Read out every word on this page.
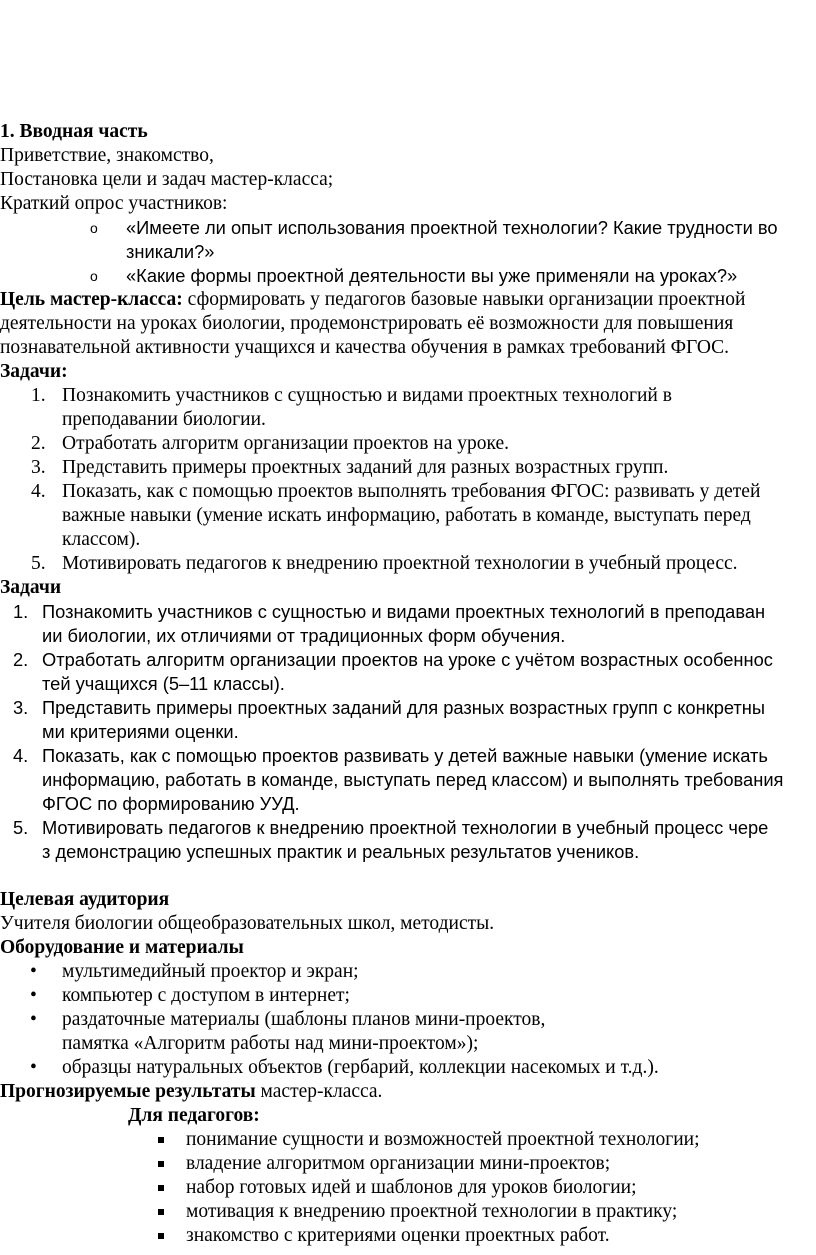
1. Вводная часть
Приветствие, знакомство,
Постановка цели и задач мастер-класса;
Краткий опрос участников:
o «Имеете ли опыт использования проектной технологии? Какие трудности во
зникали?»
o «Какие формы проектной деятельности вы уже применяли на уроках?»
Цель мастер-класса: сформировать у педагогов базовые навыки организации проектной
деятельности на уроках биологии, продемонстрировать её возможности для повышения
познавательной активности учащихся и качества обучения в рамках требований ФГОС.
Задачи:
1. Познакомить участников с сущностью и видами проектных технологий в
преподавании биологии.
2. Отработать алгоритм организации проектов на уроке.
3. Представить примеры проектных заданий для разных возрастных групп.
4. Показать, как с помощью проектов выполнять требования ФГОС: развивать у детей
важные навыки (умение искать информацию, работать в команде, выступать перед
классом).
5. Мотивировать педагогов к внедрению проектной технологии в учебный процесс.
Задачи
1. Познакомить участников с сущностью и видами проектных технологий в преподаван
ии биологии, их отличиями от традиционных форм обучения.
2. Отработать алгоритм организации проектов на уроке с учётом возрастных особеннос
тей учащихся (5–11 классы).
3. Представить примеры проектных заданий для разных возрастных групп с конкретны
ми критериями оценки.
4. Показать, как с помощью проектов развивать у детей важные навыки (умение искать
информацию, работать в команде, выступать перед классом) и выполнять требования
ФГОС по формированию УУД.
5. Мотивировать педагогов к внедрению проектной технологии в учебный процесс чере
з демонстрацию успешных практик и реальных результатов учеников.
Целевая аудитория
Учителя биологии общеобразовательных школ, методисты.
Оборудование и материалы
• мультимедийный проектор и экран;
• компьютер с доступом в интернет;
• раздаточные материалы (шаблоны планов мини-проектов,
памятка «Алгоритм работы над мини-проектом»);
• образцы натуральных объектов (гербарий, коллекции насекомых и т.д.).
Прогнозируемые результаты мастер-класса.
Для педагогов:
понимание сущности и возможностей проектной технологии;
владение алгоритмом организации мини-проектов;
набор готовых идей и шаблонов для уроков биологии;
мотивация к внедрению проектной технологии в практику;
знакомство с критериями оценки проектных работ.
